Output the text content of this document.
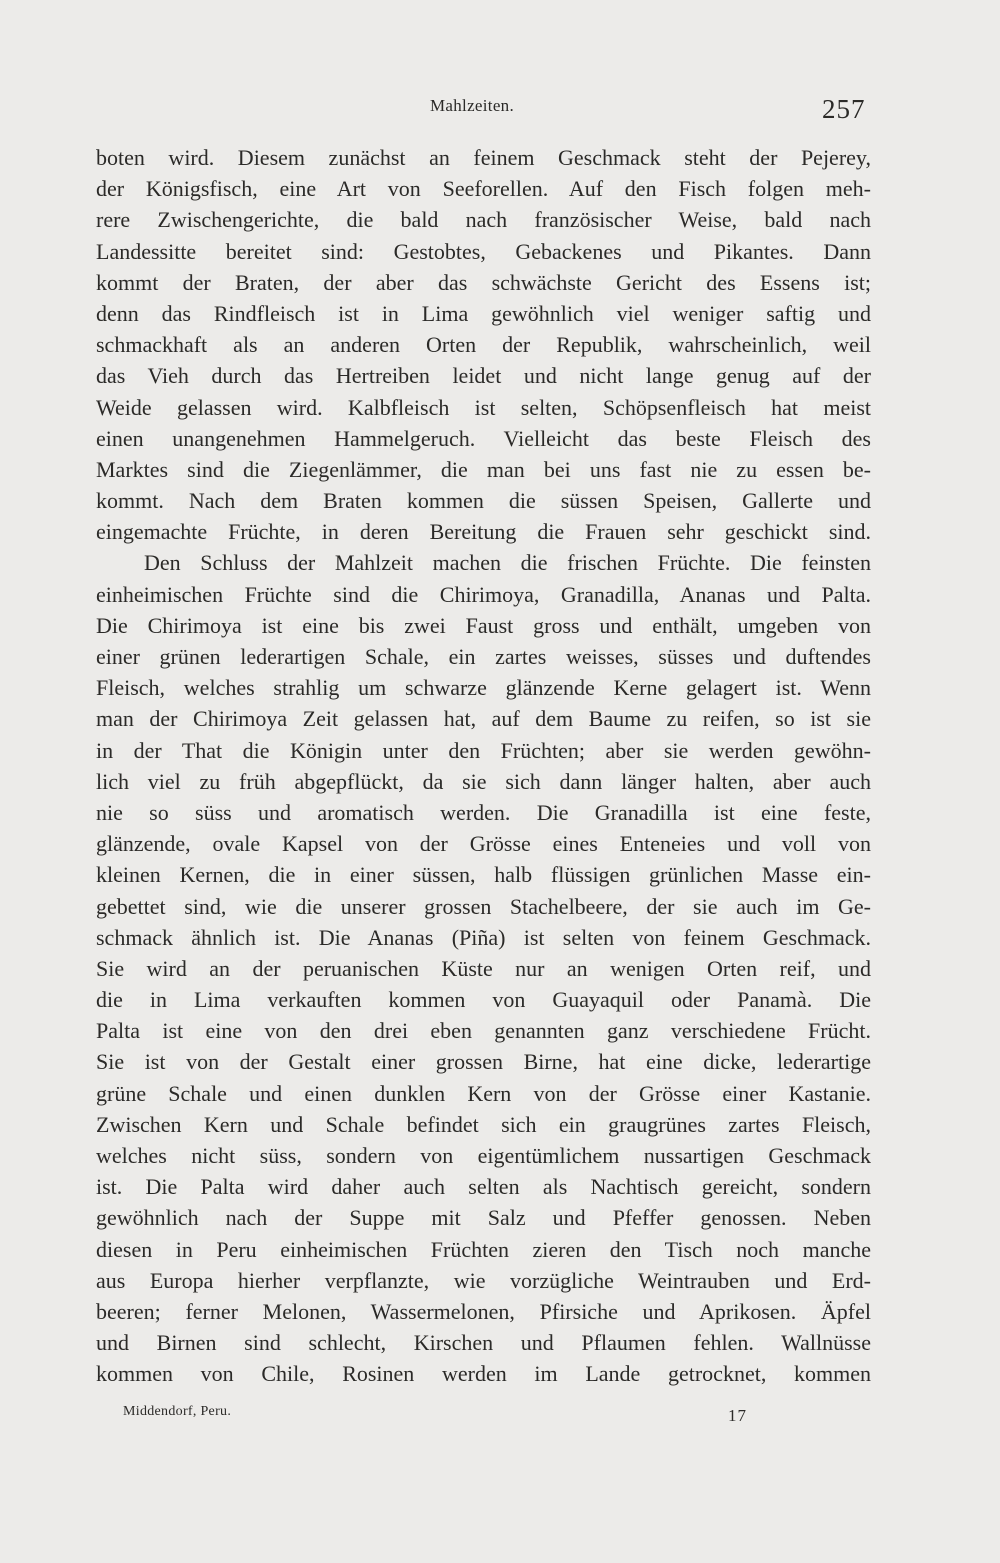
Mahlzeiten.	257
boten wird. Diesem zunächst an feinem Geschmack steht der Pejerey,
der Königsfisch, eine Art von Seeforellen. Auf den Fisch folgen meh-
rere Zwischengerichte, die bald nach französischer Weise, bald nach
Landessitte bereitet sind: Gestobtes, Gebackenes und Pikantes. Dann
kommt der Braten, der aber das schwächste Gericht des Essens ist;
denn das Rindfleisch ist in Lima gewöhnlich viel weniger saftig und
schmackhaft als an anderen Orten der Republik, wahrscheinlich, weil
das Vieh durch das Hertreiben leidet und nicht lange genug auf der
Weide gelassen wird. Kalbfleisch ist selten, Schöpsenfleisch hat meist
einen unangenehmen Hammelgeruch. Vielleicht das beste Fleisch des
Marktes sind die Ziegenlämmer, die man bei uns fast nie zu essen be-
kommt. Nach dem Braten kommen die süssen Speisen, Gallerte und
eingemachte Früchte, in deren Bereitung die Frauen sehr geschickt sind.
Den Schluss der Mahlzeit machen die frischen Früchte. Die feinsten
einheimischen Früchte sind die Chirimoya, Granadilla, Ananas und Palta.
Die Chirimoya ist eine bis zwei Faust gross und enthält, umgeben von
einer grünen lederartigen Schale, ein zartes weisses, süsses und duftendes
Fleisch, welches strahlig um schwarze glänzende Kerne gelagert ist. Wenn
man der Chirimoya Zeit gelassen hat, auf dem Baume zu reifen, so ist sie
in der That die Königin unter den Früchten; aber sie werden gewöhn-
lich viel zu früh abgepflückt, da sie sich dann länger halten, aber auch
nie so süss und aromatisch werden. Die Granadilla ist eine feste,
glänzende, ovale Kapsel von der Grösse eines Enteneies und voll von
kleinen Kernen, die in einer süssen, halb flüssigen grünlichen Masse ein-
gebettet sind, wie die unserer grossen Stachelbeere, der sie auch im Ge-
schmack ähnlich ist. Die Ananas (Piña) ist selten von feinem Geschmack.
Sie wird an der peruanischen Küste nur an wenigen Orten reif, und
die in Lima verkauften kommen von Guayaquil oder Panamà. Die
Palta ist eine von den drei eben genannten ganz verschiedene Frücht.
Sie ist von der Gestalt einer grossen Birne, hat eine dicke, lederartige
grüne Schale und einen dunklen Kern von der Grösse einer Kastanie.
Zwischen Kern und Schale befindet sich ein graugrünes zartes Fleisch,
welches nicht süss, sondern von eigentümlichem nussartigen Geschmack
ist. Die Palta wird daher auch selten als Nachtisch gereicht, sondern
gewöhnlich nach der Suppe mit Salz und Pfeffer genossen. Neben
diesen in Peru einheimischen Früchten zieren den Tisch noch manche
aus Europa hierher verpflanzte, wie vorzügliche Weintrauben und Erd-
beeren; ferner Melonen, Wassermelonen, Pfirsiche und Aprikosen. Äpfel
und Birnen sind schlecht, Kirschen und Pflaumen fehlen. Wallnüsse
kommen von Chile, Rosinen werden im Lande getrocknet, kommen
Middendorf, Peru.	17
